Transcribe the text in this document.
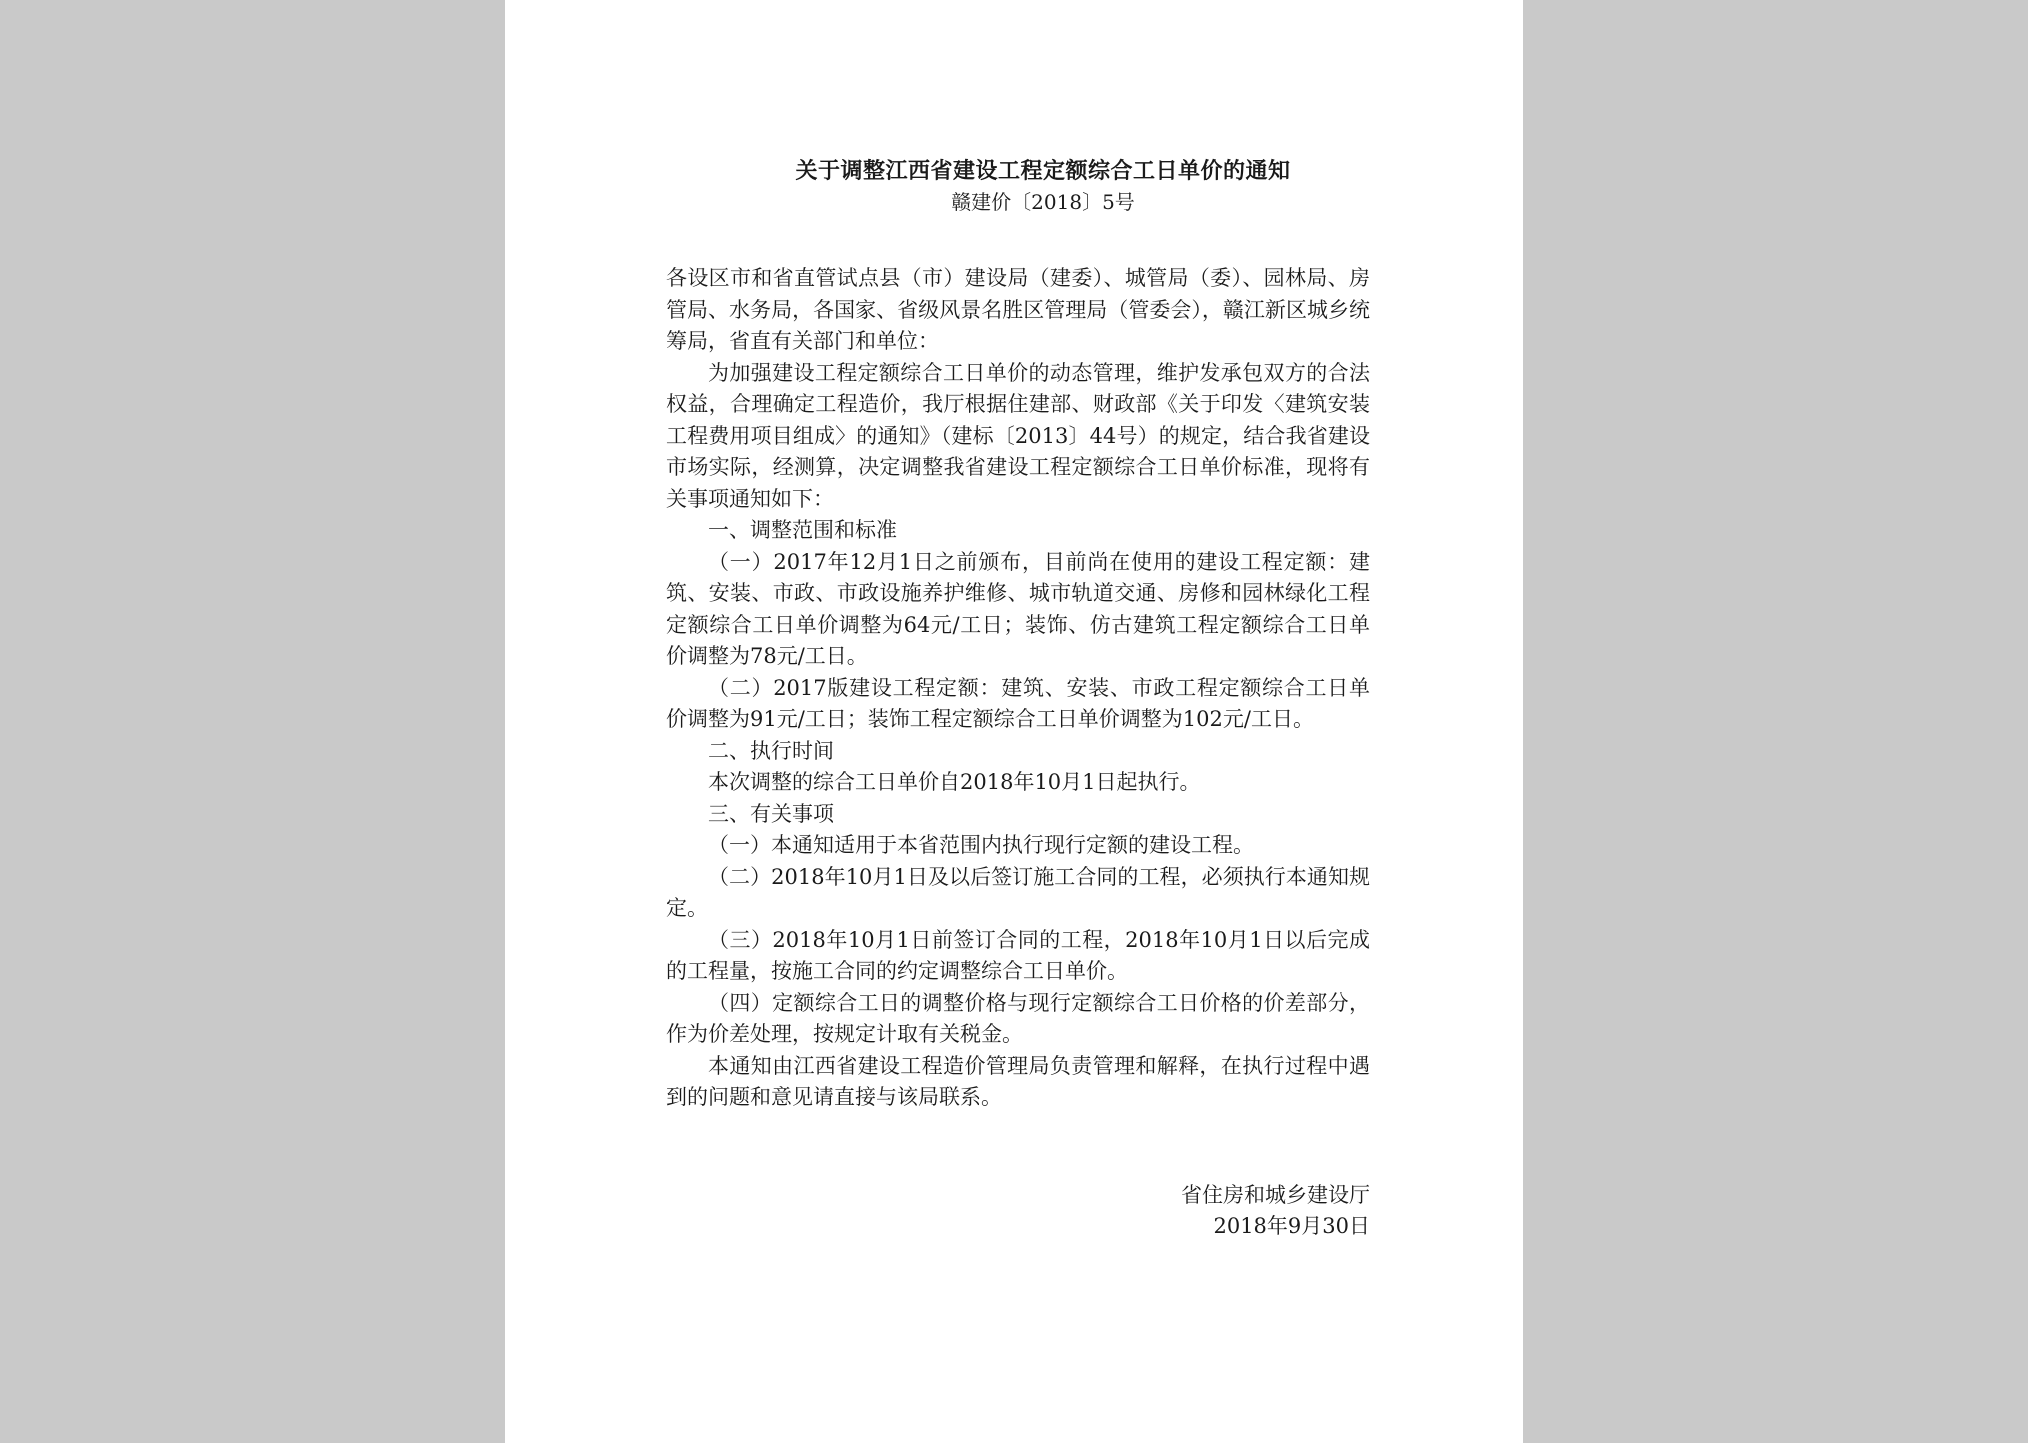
关于调整江西省建设工程定额综合工日单价的通知
赣建价〔2018〕5号

各设区市和省直管试点县（市）建设局（建委）、城管局（委）、园林局、房管局、水务局，各国家、省级风景名胜区管理局（管委会），赣江新区城乡统筹局，省直有关部门和单位：

为加强建设工程定额综合工日单价的动态管理，维护发承包双方的合法权益，合理确定工程造价，我厅根据住建部、财政部《关于印发〈建筑安装工程费用项目组成〉的通知》（建标〔2013〕44号）的规定，结合我省建设市场实际，经测算，决定调整我省建设工程定额综合工日单价标准，现将有关事项通知如下：

一、调整范围和标准

（一）2017年12月1日之前颁布，目前尚在使用的建设工程定额：建筑、安装、市政、市政设施养护维修、城市轨道交通、房修和园林绿化工程定额综合工日单价调整为64元/工日；装饰、仿古建筑工程定额综合工日单价调整为78元/工日。

（二）2017版建设工程定额：建筑、安装、市政工程定额综合工日单价调整为91元/工日；装饰工程定额综合工日单价调整为102元/工日。

二、执行时间

本次调整的综合工日单价自2018年10月1日起执行。

三、有关事项

（一）本通知适用于本省范围内执行现行定额的建设工程。

（二）2018年10月1日及以后签订施工合同的工程，必须执行本通知规定。

（三）2018年10月1日前签订合同的工程，2018年10月1日以后完成的工程量，按施工合同的约定调整综合工日单价。

（四）定额综合工日的调整价格与现行定额综合工日价格的价差部分，作为价差处理，按规定计取有关税金。

本通知由江西省建设工程造价管理局负责管理和解释，在执行过程中遇到的问题和意见请直接与该局联系。

省住房和城乡建设厅
2018年9月30日
